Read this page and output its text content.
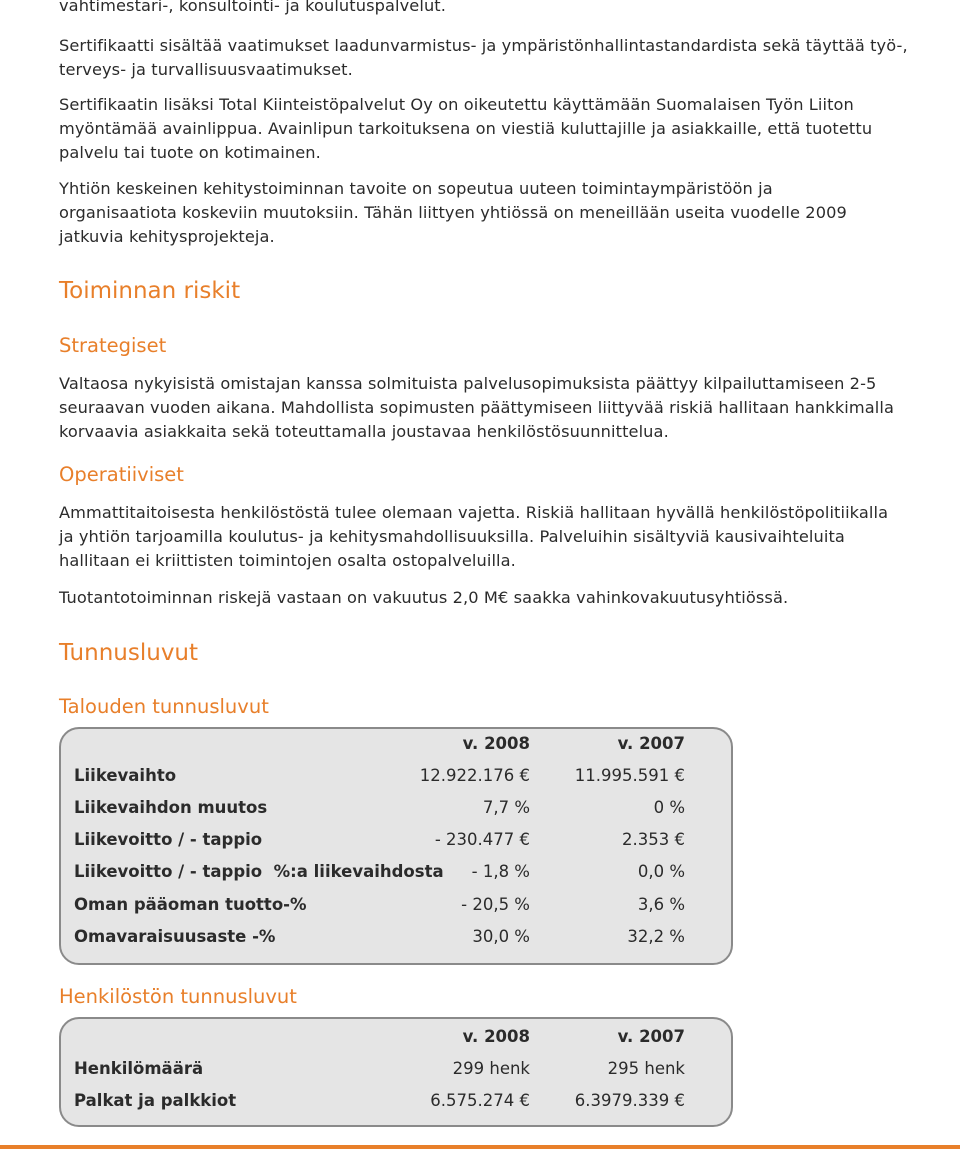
vahtimestari-, konsultointi- ja koulutuspalvelut.

Sertifikaatti sisältää vaatimukset laadunvarmistus- ja ympäristönhallintastandardista sekä täyttää työ-, terveys- ja turvallisuusvaatimukset.

Sertifikaatin lisäksi Total Kiinteistöpalvelut Oy on oikeutettu käyttämään Suomalaisen Työn Liiton myöntämää avainlippua. Avainlipun tarkoituksena on viestiä kuluttajille ja asiakkaille, että tuotettu palvelu tai tuote on kotimainen.

Yhtiön keskeinen kehitystoiminnan tavoite on sopeutua uuteen toimintaympäristöön ja organisaatiota koskeviin muutoksiin. Tähän liittyen yhtiössä on meneillään useita vuodelle 2009 jatkuvia kehitysprojekteja.

Toiminnan riskit
Strategiset

Valtaosa nykyisistä omistajan kanssa solmituista palvelusopimuksista päättyy kilpailuttamiseen 2-5 seuraavan vuoden aikana. Mahdollista sopimusten päättymiseen liittyvää riskiä hallitaan hankkimalla korvaavia asiakkaita sekä toteuttamalla joustavaa henkilöstösuunnittelua.

Operatiiviset

Ammattitaitoisesta henkilöstöstä tulee olemaan vajetta. Riskiä hallitaan hyvällä henkilöstöpolitiikalla ja yhtiön tarjoamilla koulutus- ja kehitysmahdollisuuksilla. Palveluihin sisältyviä kausivaihteluita hallitaan ei kriittisten toimintojen osalta ostopalveluilla.

Tuotantotoiminnan riskejä vastaan on vakuutus 2,0 M€ saakka vahinkovakuutusyhtiössä.

Tunnusluvut
Talouden tunnusluvut
Henkilöstön tunnusluvut
v. 2008	v. 2007
Liikevaihto	12.922.176 €	11.995.591 €
Liikevaihdon muutos	7,7 %	0 %
Liikevoitto / - tappio	- 230.477 €	2.353 €
Liikevoitto / - tappio  %:a liikevaihdosta - 1,8 %	0,0 %
Oman pääoman tuotto-%	- 20,5 %	3,6 %
Omavaraisuusaste -%	30,0 %	32,2 %
v. 2008	v. 2007
Henkilömäärä	299 henk	295 henk
Palkat ja palkkiot	6.575.274 €	6.3979.339 €
